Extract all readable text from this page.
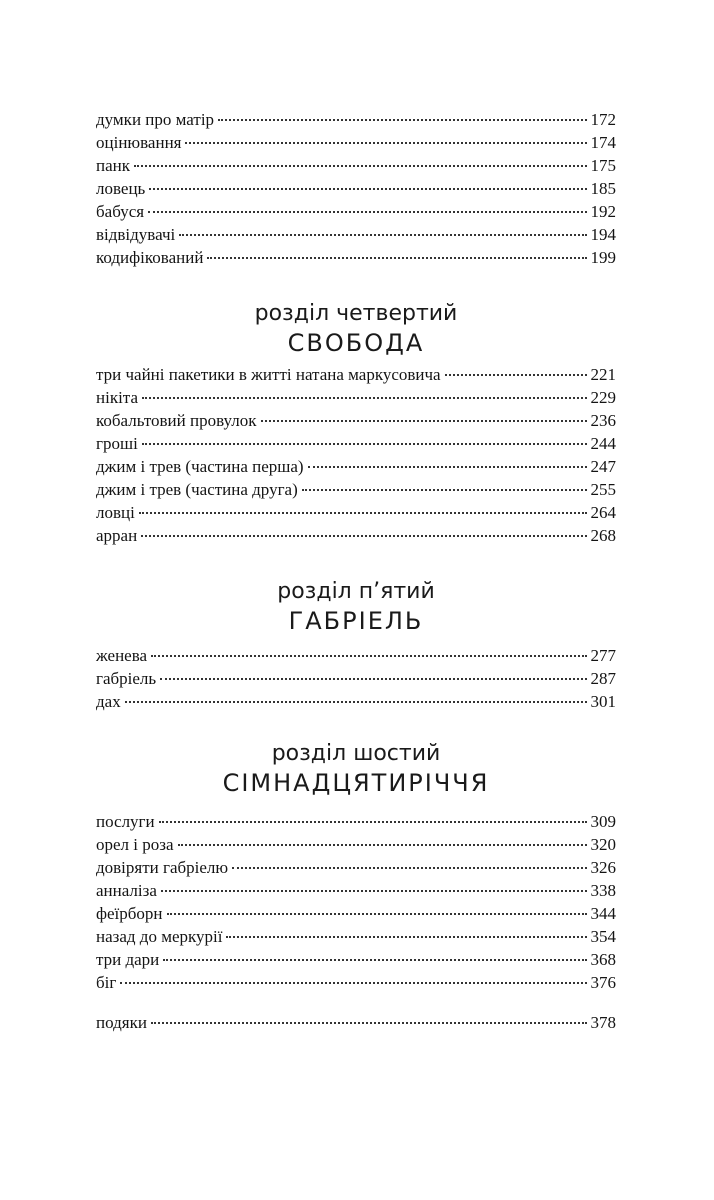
думки про матір	172
оцінювання	174
панк	175
ловець	185
бабуся	192
відвідувачі	194
кодифікований	199
розділ четвертий
СВОБОДА
три чайні пакетики в житті натана маркусовича	221
нікіта	229
кобальтовий провулок	236
гроші	244
джим і трев (частина перша)	247
джим і трев (частина друга)	255
ловці	264
арран	268
розділ п’ятий
ГАБРІЕЛЬ
женева	277
габріель	287
дах	301
розділ шостий
СІМНАДЦЯТИРІЧЧЯ
послуги	309
орел і роза	320
довіряти габріелю	326
анналіза	338
феїрборн	344
назад до меркурії	354
три дари	368
біг	376
подяки	378
